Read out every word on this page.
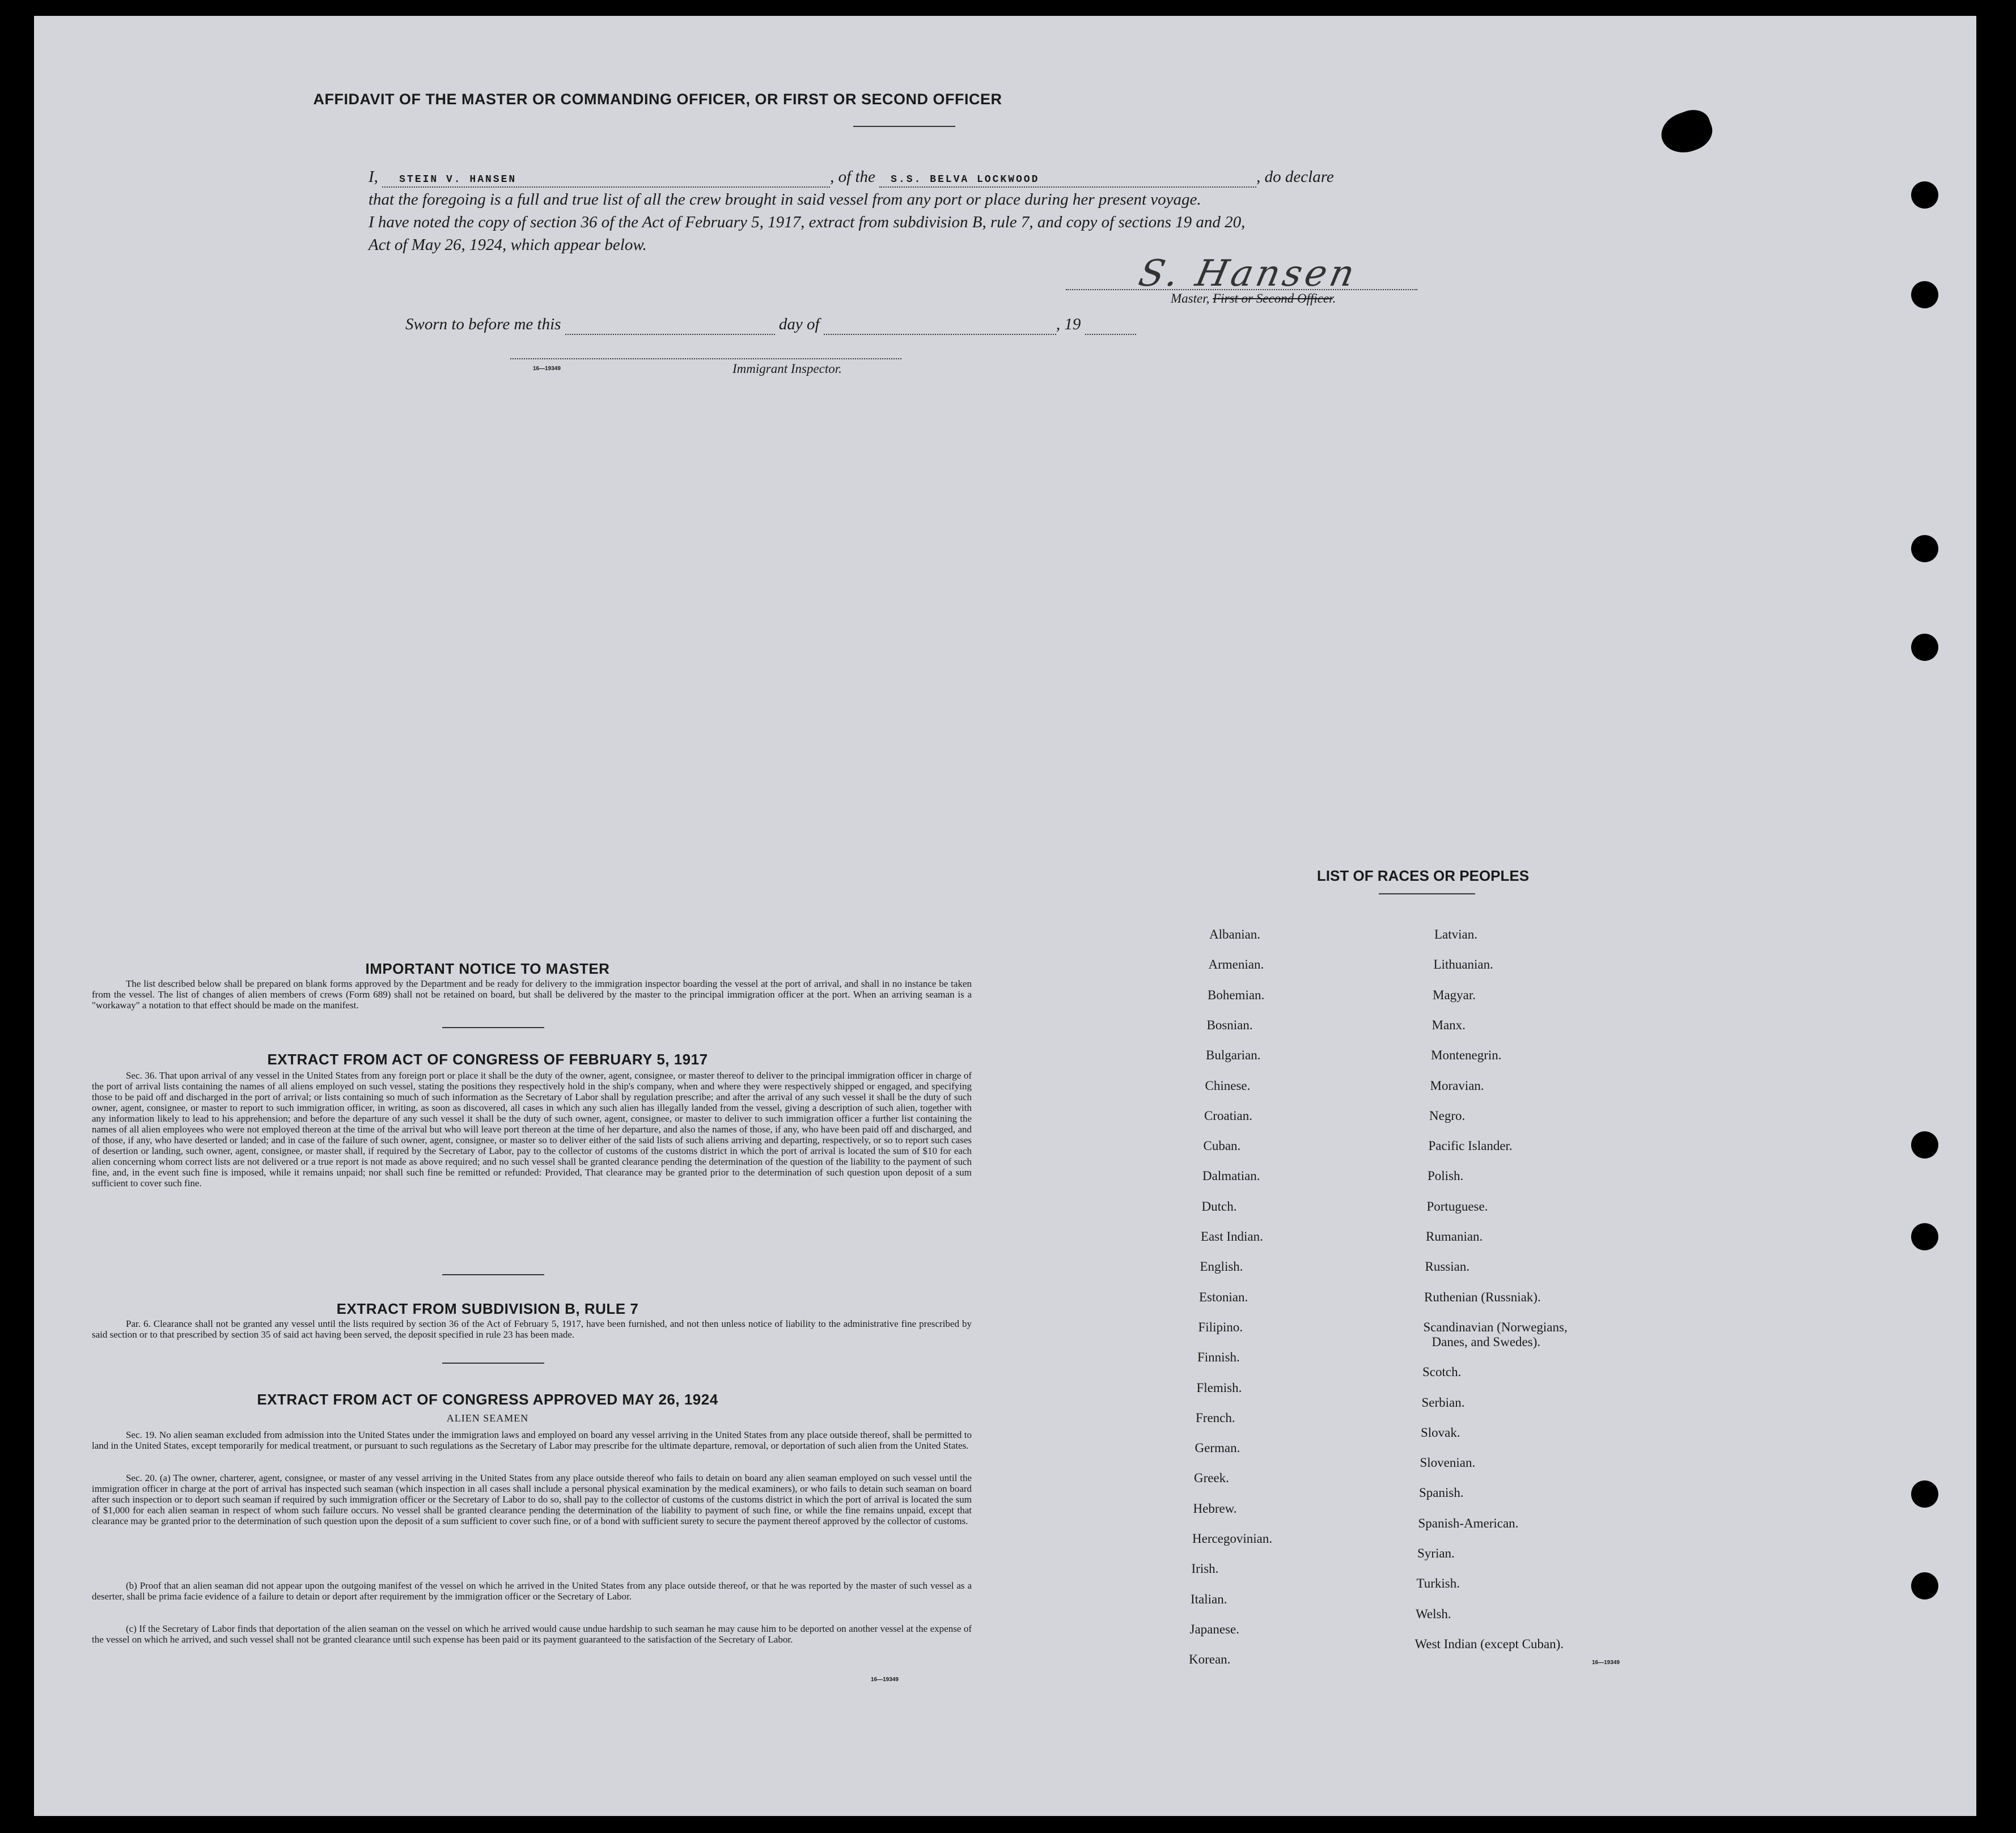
AFFIDAVIT OF THE MASTER OR COMMANDING OFFICER, OR FIRST OR SECOND OFFICER
I, STEIN V. HANSEN	, of the S.S. BELVA LOCKWOOD	, do declare
that the foregoing is a full and true list of all the crew brought in said vessel from any port or place during her present voyage.
I have noted the copy of section 36 of the Act of February 5, 1917, extract from subdivision B, rule 7, and copy of sections 19 and 20,
Act of May 26, 1924, which appear below.
S. Hansen
Master, First or Second Officer.
Sworn to before me this	day of	, 19
16—19349	Immigrant Inspector.
IMPORTANT NOTICE TO MASTER
The list described below shall be prepared on blank forms approved by the Department and be ready for delivery to the immigration inspector boarding the vessel at the port of arrival, and shall in no instance be taken from the vessel. The list of changes of alien members of crews (Form 689) shall not be retained on board, but shall be delivered by the master to the principal immigration officer at the port. When an arriving seaman is a "workaway" a notation to that effect should be made on the manifest.
EXTRACT FROM ACT OF CONGRESS OF FEBRUARY 5, 1917
Sec. 36. That upon arrival of any vessel in the United States from any foreign port or place it shall be the duty of the owner, agent, consignee, or master thereof to deliver to the principal immigration officer in charge of the port of arrival lists containing the names of all aliens employed on such vessel, stating the positions they respectively hold in the ship's company, when and where they were respectively shipped or engaged, and specifying those to be paid off and discharged in the port of arrival; or lists containing so much of such information as the Secretary of Labor shall by regulation prescribe; and after the arrival of any such vessel it shall be the duty of such owner, agent, consignee, or master to report to such immigration officer, in writing, as soon as discovered, all cases in which any such alien has illegally landed from the vessel, giving a description of such alien, together with any information likely to lead to his apprehension; and before the departure of any such vessel it shall be the duty of such owner, agent, consignee, or master to deliver to such immigration officer a further list containing the names of all alien employees who were not employed thereon at the time of the arrival but who will leave port thereon at the time of her departure, and also the names of those, if any, who have been paid off and discharged, and of those, if any, who have deserted or landed; and in case of the failure of such owner, agent, consignee, or master so to deliver either of the said lists of such aliens arriving and departing, respectively, or so to report such cases of desertion or landing, such owner, agent, consignee, or master shall, if required by the Secretary of Labor, pay to the collector of customs of the customs district in which the port of arrival is located the sum of $10 for each alien concerning whom correct lists are not delivered or a true report is not made as above required; and no such vessel shall be granted clearance pending the determination of the question of the liability to the payment of such fine, and, in the event such fine is imposed, while it remains unpaid; nor shall such fine be remitted or refunded: Provided, That clearance may be granted prior to the determination of such question upon deposit of a sum sufficient to cover such fine.
EXTRACT FROM SUBDIVISION B, RULE 7
Par. 6. Clearance shall not be granted any vessel until the lists required by section 36 of the Act of February 5, 1917, have been furnished, and not then unless notice of liability to the administrative fine prescribed by said section or to that prescribed by section 35 of said act having been served, the deposit specified in rule 23 has been made.
EXTRACT FROM ACT OF CONGRESS APPROVED MAY 26, 1924
ALIEN SEAMEN
Sec. 19. No alien seaman excluded from admission into the United States under the immigration laws and employed on board any vessel arriving in the United States from any place outside thereof, shall be permitted to land in the United States, except temporarily for medical treatment, or pursuant to such regulations as the Secretary of Labor may prescribe for the ultimate departure, removal, or deportation of such alien from the United States.
Sec. 20. (a) The owner, charterer, agent, consignee, or master of any vessel arriving in the United States from any place outside thereof who fails to detain on board any alien seaman employed on such vessel until the immigration officer in charge at the port of arrival has inspected such seaman (which inspection in all cases shall include a personal physical examination by the medical examiners), or who fails to detain such seaman on board after such inspection or to deport such seaman if required by such immigration officer or the Secretary of Labor to do so, shall pay to the collector of customs of the customs district in which the port of arrival is located the sum of $1,000 for each alien seaman in respect of whom such failure occurs. No vessel shall be granted clearance pending the determination of the liability to payment of such fine, or while the fine remains unpaid, except that clearance may be granted prior to the determination of such question upon the deposit of a sum sufficient to cover such fine, or of a bond with sufficient surety to secure the payment thereof approved by the collector of customs.
(b) Proof that an alien seaman did not appear upon the outgoing manifest of the vessel on which he arrived in the United States from any place outside thereof, or that he was reported by the master of such vessel as a deserter, shall be prima facie evidence of a failure to detain or deport after requirement by the immigration officer or the Secretary of Labor.
(c) If the Secretary of Labor finds that deportation of the alien seaman on the vessel on which he arrived would cause undue hardship to such seaman he may cause him to be deported on another vessel at the expense of the vessel on which he arrived, and such vessel shall not be granted clearance until such expense has been paid or its payment guaranteed to the satisfaction of the Secretary of Labor.
16—19349
LIST OF RACES OR PEOPLES
Albanian.
Armenian.
Bohemian.
Bosnian.
Bulgarian.
Chinese.
Croatian.
Cuban.
Dalmatian.
Dutch.
East Indian.
English.
Estonian.
Filipino.
Finnish.
Flemish.
French.
German.
Greek.
Hebrew.
Hercegovinian.
Irish.
Italian.
Japanese.
Korean.
Latvian.
Lithuanian.
Magyar.
Manx.
Montenegrin.
Moravian.
Negro.
Pacific Islander.
Polish.
Portuguese.
Rumanian.
Russian.
Ruthenian (Russniak).
Scandinavian (Norwegians,
Danes, and Swedes).
Scotch.
Serbian.
Slovak.
Slovenian.
Spanish.
Spanish-American.
Syrian.
Turkish.
Welsh.
West Indian (except Cuban).
16—19349
